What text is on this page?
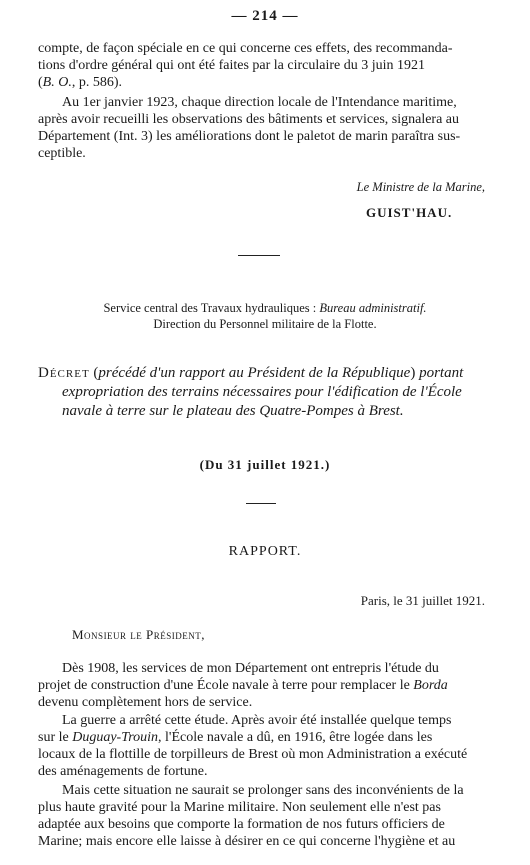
— 214 —
compte, de façon spéciale en ce qui concerne ces effets, des recommanda-
tions d'ordre général qui ont été faites par la circulaire du 3 juin 1921
(B. O., p. 586).
Au 1er janvier 1923, chaque direction locale de l'Intendance maritime,
après avoir recueilli les observations des bâtiments et services, signalera au
Département (Int. 3) les améliorations dont le paletot de marin paraîtra sus-
ceptible.
Le Ministre de la Marine,
GUIST'HAU.
Service central des Travaux hydrauliques : Bureau administratif.
Direction du Personnel militaire de la Flotte.
Décret (précédé d'un rapport au Président de la République) portant
expropriation des terrains nécessaires pour l'édification de l'École
navale à terre sur le plateau des Quatre-Pompes à Brest.
(Du 31 juillet 1921.)
RAPPORT.
Paris, le 31 juillet 1921.
Monsieur le Président,
Dès 1908, les services de mon Département ont entrepris l'étude du
projet de construction d'une École navale à terre pour remplacer le Borda
devenu complètement hors de service.
La guerre a arrêté cette étude. Après avoir été installée quelque temps
sur le Duguay-Trouin, l'École navale a dû, en 1916, être logée dans les
locaux de la flottille de torpilleurs de Brest où mon Administration a exécuté
des aménagements de fortune.
Mais cette situation ne saurait se prolonger sans des inconvénients de la
plus haute gravité pour la Marine militaire. Non seulement elle n'est pas
adaptée aux besoins que comporte la formation de nos futurs officiers de
Marine; mais encore elle laisse à désirer en ce qui concerne l'hygiène et au
